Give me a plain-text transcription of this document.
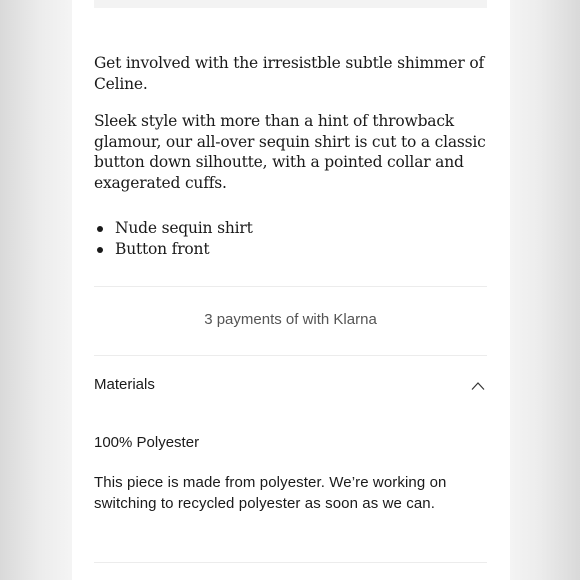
Get involved with the irresistble subtle shimmer of Celine.

Sleek style with more than a hint of throwback glamour, our all-over sequin shirt is cut to a classic button down silhoutte, with a pointed collar and exagerated cuffs.

Nude sequin shirt
Button front
3 payments of with Klarna
Materials
100% Polyester

This piece is made from polyester. We’re working on switching to recycled polyester as soon as we can.
